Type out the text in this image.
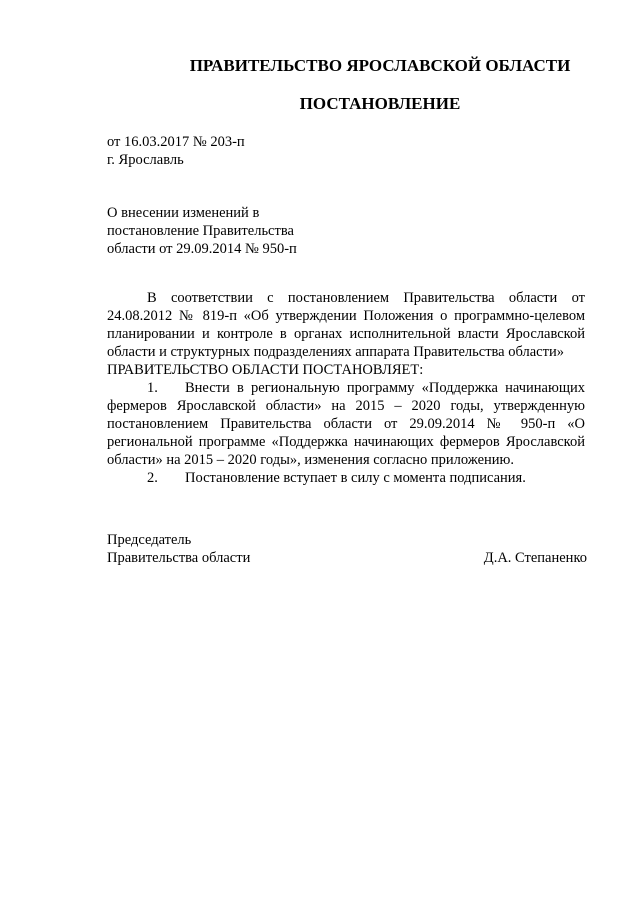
ПРАВИТЕЛЬСТВО ЯРОСЛАВСКОЙ ОБЛАСТИ
ПОСТАНОВЛЕНИЕ
от 16.03.2017 № 203-п
г. Ярославль
О внесении изменений в
постановление Правительства
области от 29.09.2014 № 950-п

В соответствии с постановлением Правительства области от 24.08.2012 № 819-п «Об утверждении Положения о программно-целевом планировании и контроле в органах исполнительной власти Ярославской области и структурных подразделениях аппарата Правительства области»

ПРАВИТЕЛЬСТВО ОБЛАСТИ ПОСТАНОВЛЯЕТ:

1.	Внести в региональную программу «Поддержка начинающих

фермеров Ярославской области» на 2015 – 2020 годы, утвержденную постановлением Правительства области от 29.09.2014 № 950-п «О региональной программе «Поддержка начинающих фермеров Ярославской области» на 2015 – 2020 годы», изменения согласно приложению.

2.	Постановление вступает в силу с момента подписания.
Председатель
Правительства области	Д.А. Степаненко
